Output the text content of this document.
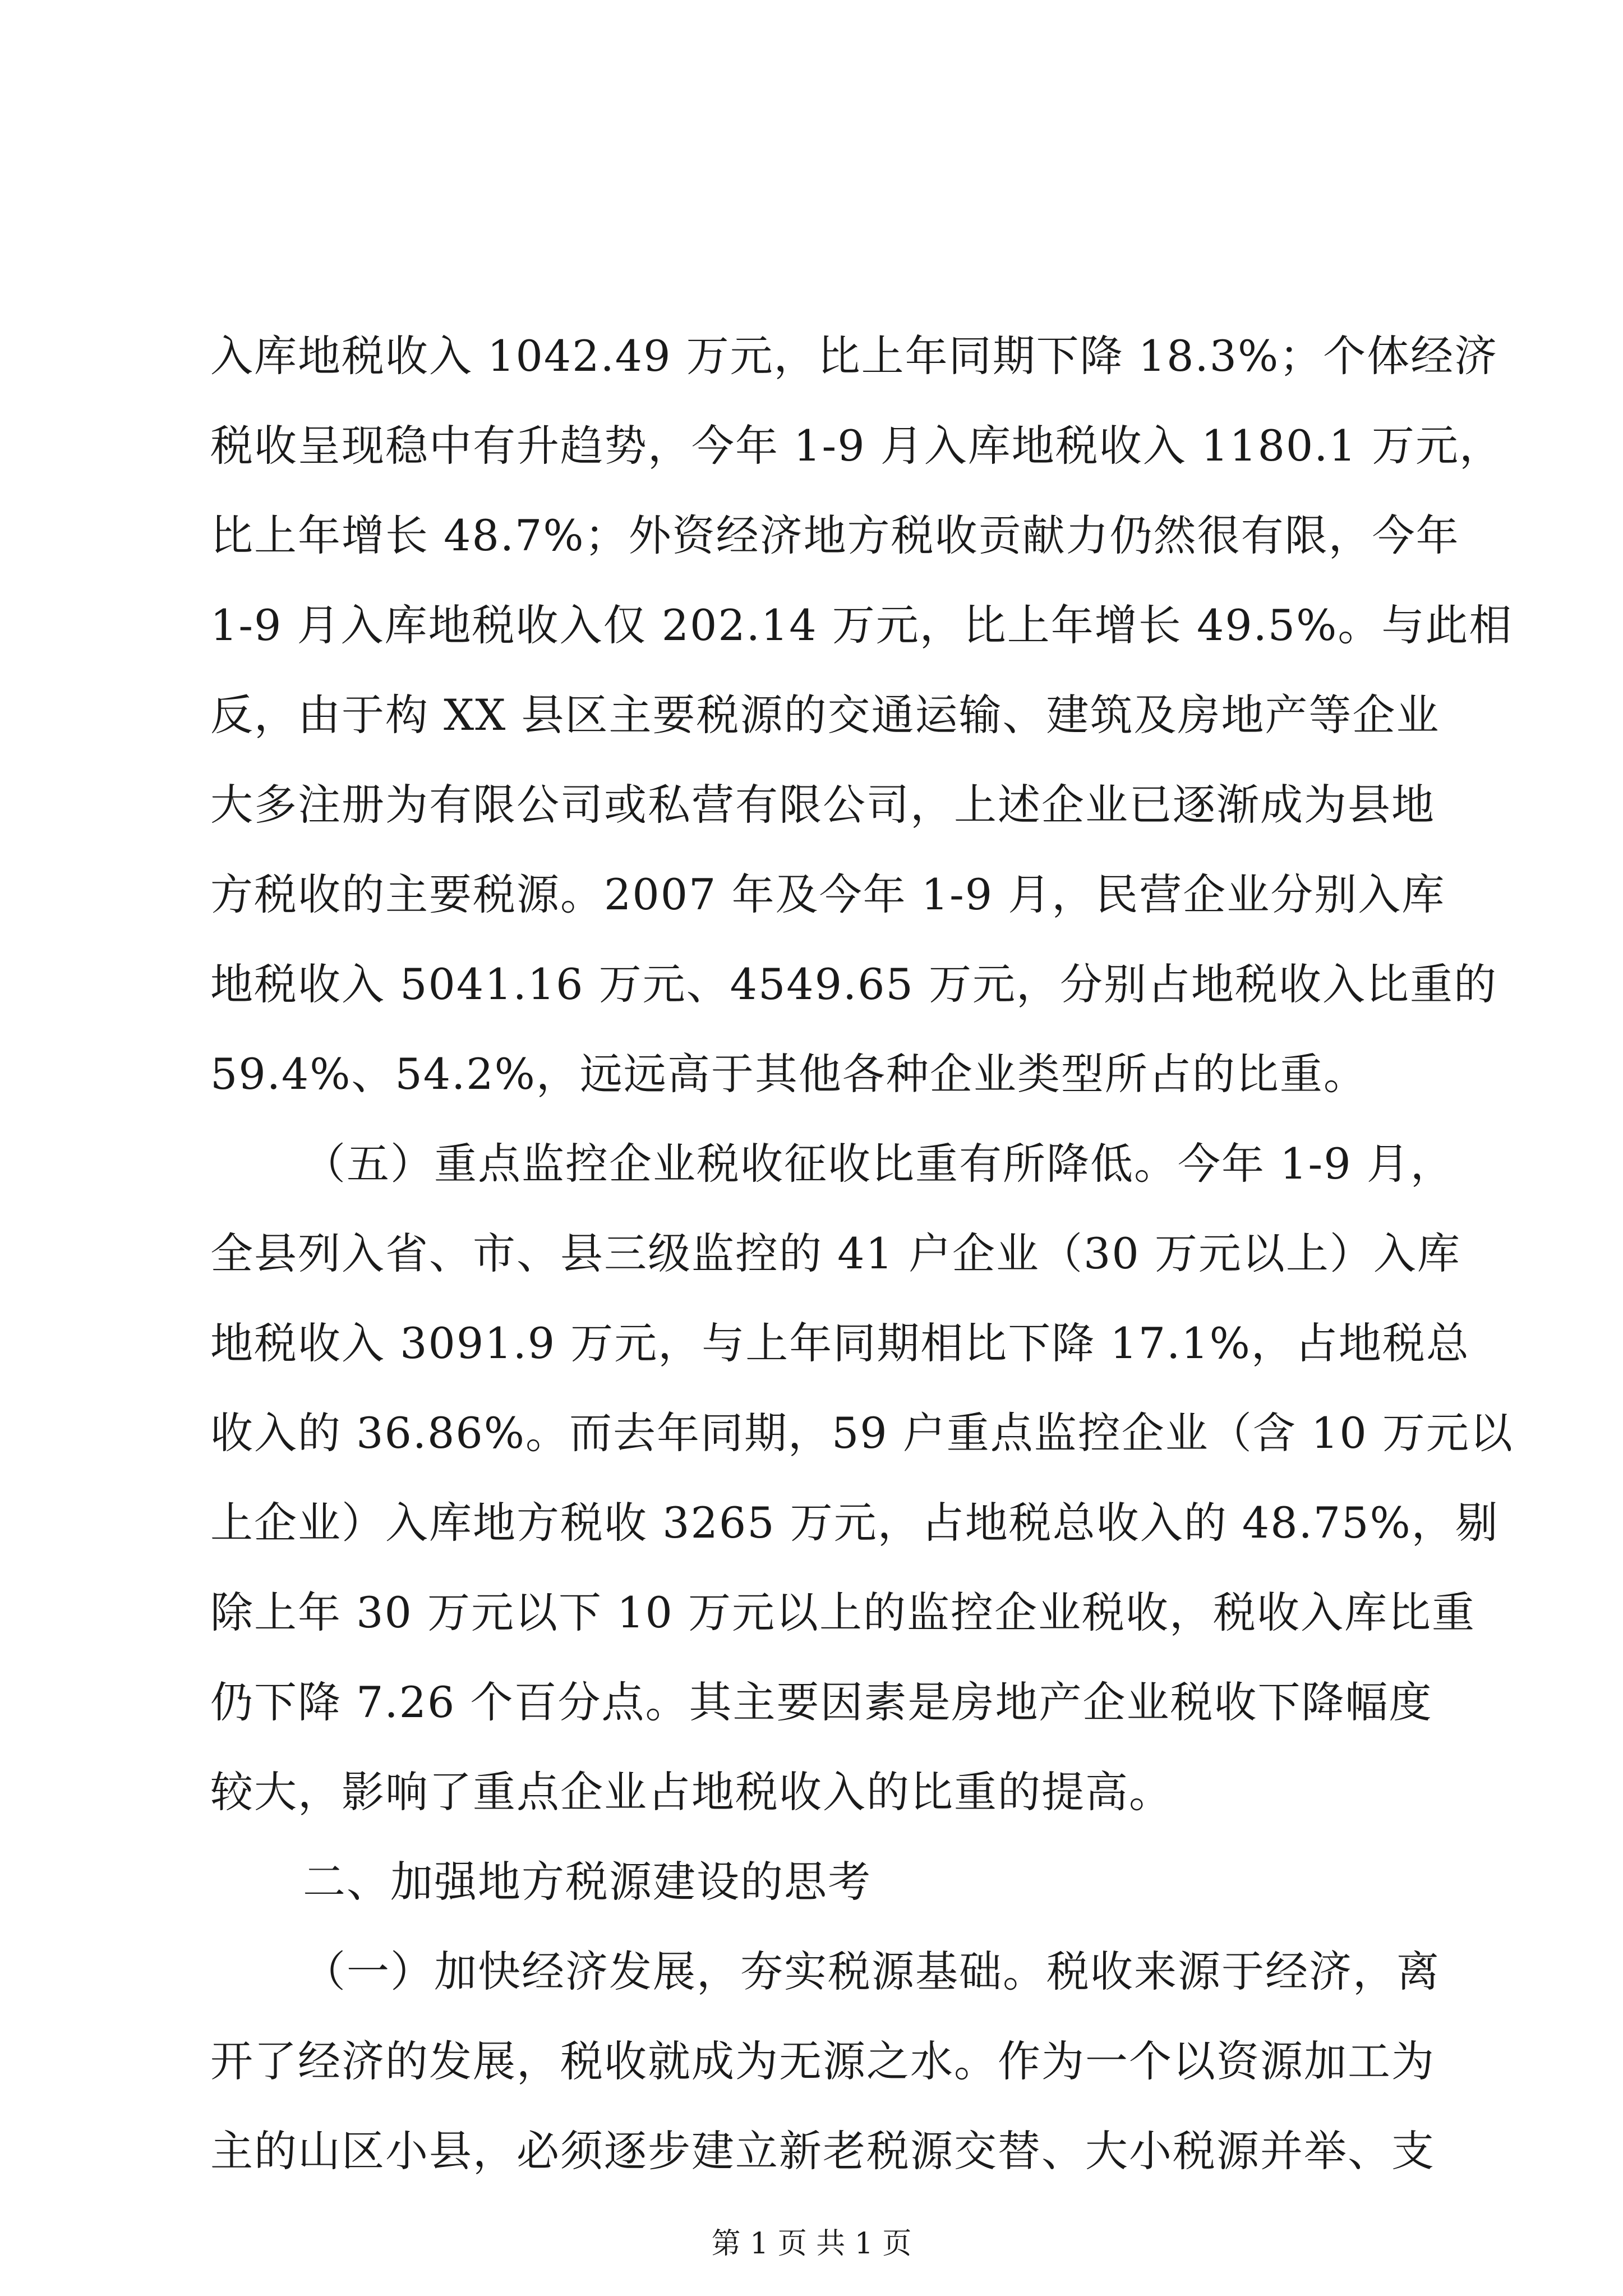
入库地税收入 1042.49 万元，比上年同期下降 18.3%；个体经济
税收呈现稳中有升趋势，今年 1-9 月入库地税收入 1180.1 万元，
比上年增长 48.7%；外资经济地方税收贡献力仍然很有限，今年
1-9 月入库地税收入仅 202.14 万元，比上年增长 49.5%。与此相
反，由于构 XX 县区主要税源的交通运输、建筑及房地产等企业
大多注册为有限公司或私营有限公司，上述企业已逐渐成为县地
方税收的主要税源。2007 年及今年 1-9 月，民营企业分别入库
地税收入 5041.16 万元、4549.65 万元，分别占地税收入比重的
59.4%、54.2%，远远高于其他各种企业类型所占的比重。
（五）重点监控企业税收征收比重有所降低。今年 1-9 月，
全县列入省、市、县三级监控的 41 户企业（30 万元以上）入库
地税收入 3091.9 万元，与上年同期相比下降 17.1%，占地税总
收入的 36.86%。而去年同期，59 户重点监控企业（含 10 万元以
上企业）入库地方税收 3265 万元，占地税总收入的 48.75%，剔
除上年 30 万元以下 10 万元以上的监控企业税收，税收入库比重
仍下降 7.26 个百分点。其主要因素是房地产企业税收下降幅度
较大，影响了重点企业占地税收入的比重的提高。
二、加强地方税源建设的思考
（一）加快经济发展，夯实税源基础。税收来源于经济，离
开了经济的发展，税收就成为无源之水。作为一个以资源加工为
主的山区小县，必须逐步建立新老税源交替、大小税源并举、支
第 1 页 共 1 页
